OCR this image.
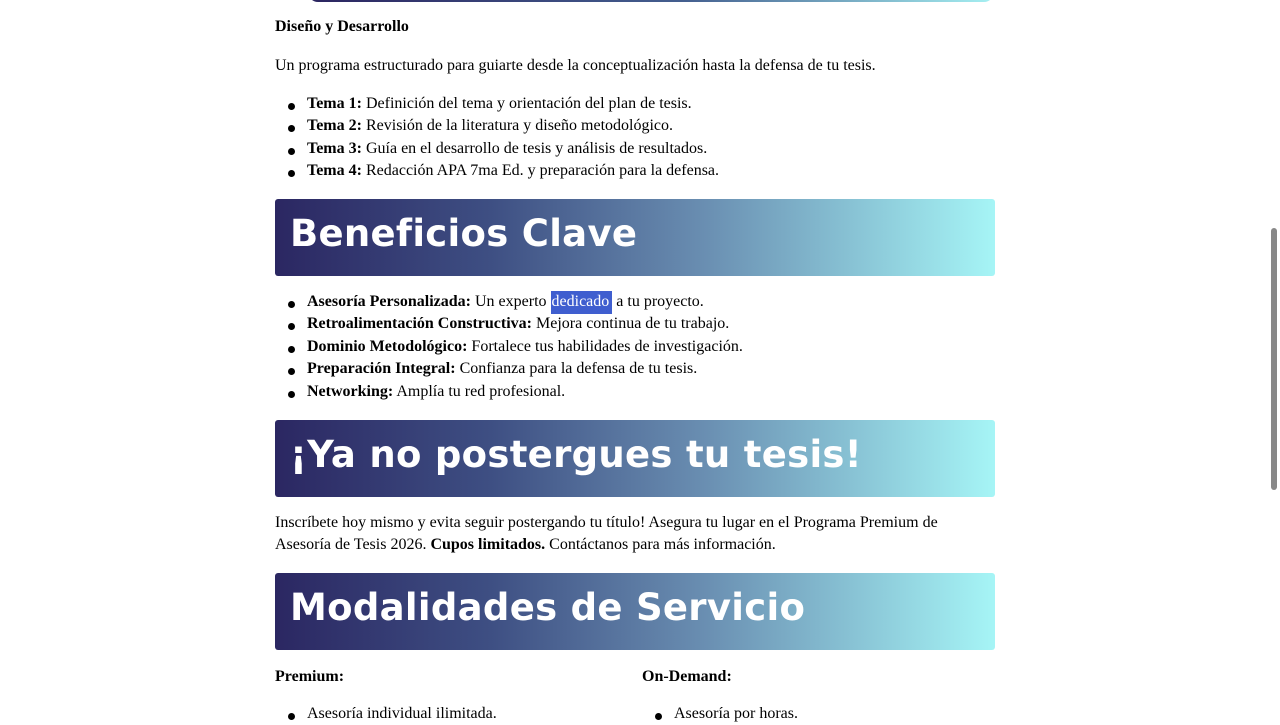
Diseño y Desarrollo
Un programa estructurado para guiarte desde la conceptualización hasta la defensa de tu tesis.
Tema 1: Definición del tema y orientación del plan de tesis.
Tema 2: Revisión de la literatura y diseño metodológico.
Tema 3: Guía en el desarrollo de tesis y análisis de resultados.
Tema 4: Redacción APA 7ma Ed. y preparación para la defensa.
Beneficios Clave
Asesoría Personalizada: Un experto dedicado a tu proyecto.
Retroalimentación Constructiva: Mejora continua de tu trabajo.
Dominio Metodológico: Fortalece tus habilidades de investigación.
Preparación Integral: Confianza para la defensa de tu tesis.
Networking: Amplía tu red profesional.
¡Ya no postergues tu tesis!
Inscríbete hoy mismo y evita seguir postergando tu título! Asegura tu lugar en el Programa Premium de Asesoría de Tesis 2026. Cupos limitados. Contáctanos para más información.
Modalidades de Servicio
Premium:
Asesoría individual ilimitada.
On-Demand:
Asesoría por horas.
